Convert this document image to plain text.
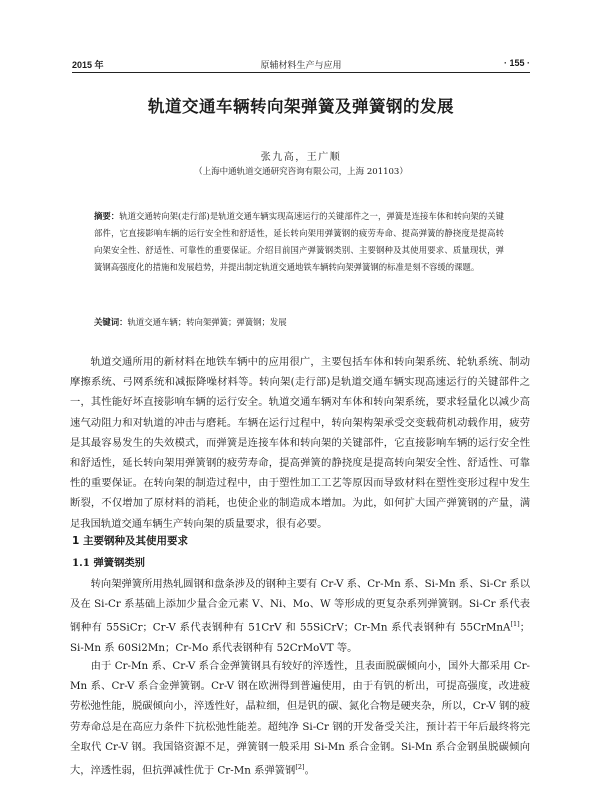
2015 年	原辅材料生产与应用	· 155 ·
轨道交通车辆转向架弹簧及弹簧钢的发展
张九高，王广顺
（上海中通轨道交通研究咨询有限公司，上海 201103）
摘要：轨道交通转向架(走行部)是轨道交通车辆实现高速运行的关键部件之一，弹簧是连接车体和转向架的关键部件，它直接影响车辆的运行安全性和舒适性，延长转向架用弹簧钢的疲劳寿命、提高弹簧的静挠度是提高转向架安全性、舒适性、可靠性的重要保证。介绍目前国产弹簧钢类别、主要钢种及其使用要求、质量现状，弹簧钢高强度化的措施和发展趋势，并提出制定轨道交通地铁车辆转向架弹簧钢的标准是刻不容缓的课题。
关键词：轨道交通车辆；转向架弹簧；弹簧钢；发展

轨道交通所用的新材料在地铁车辆中的应用很广，主要包括车体和转向架系统、轮轨系统、制动摩擦系统、弓网系统和减振降噪材料等。转向架(走行部)是轨道交通车辆实现高速运行的关键部件之一，其性能好坏直接影响车辆的运行安全。轨道交通车辆对车体和转向架系统，要求轻量化以减少高速气动阻力和对轨道的冲击与磨耗。车辆在运行过程中，转向架构架承受交变载荷机动载作用，疲劳是其最容易发生的失效模式，而弹簧是连接车体和转向架的关键部件，它直接影响车辆的运行安全性和舒适性，延长转向架用弹簧钢的疲劳寿命，提高弹簧的静挠度是提高转向架安全性、舒适性、可靠性的重要保证。在转向架的制造过程中，由于塑性加工工艺等原因而导致材料在塑性变形过程中发生断裂，不仅增加了原材料的消耗，也使企业的制造成本增加。为此，如何扩大国产弹簧钢的产量，满足我国轨道交通车辆生产转向架的质量要求，很有必要。

1 主要钢种及其使用要求
1.1 弹簧钢类别

转向架弹簧所用热轧圆钢和盘条涉及的钢种主要有 Cr-V 系、Cr-Mn 系、Si-Mn 系、Si-Cr 系以及在 Si-Cr 系基础上添加少量合金元素 V、Ni、Mo、W 等形成的更复杂系列弹簧钢。Si-Cr 系代表钢种有 55SiCr；Cr-V 系代表钢种有 51CrV 和 55SiCrV；Cr-Mn 系代表钢种有 55CrMnA[1]；Si-Mn 系 60Si2Mn；Cr-Mo 系代表钢种有 52CrMoVT 等。

由于 Cr-Mn 系、Cr-V 系合金弹簧钢具有较好的淬透性，且表面脱碳倾向小，国外大都采用 Cr-Mn 系、Cr-V 系合金弹簧钢。Cr-V 钢在欧洲得到普遍使用，由于有钒的析出，可提高强度，改进疲劳松弛性能，脱碳倾向小，淬透性好，晶粒细，但是钒的碳、氮化合物是硬夹杂，所以，Cr-V 钢的疲劳寿命总是在高应力条件下抗松弛性能差。超纯净 Si-Cr 钢的开发备受关注，预计若干年后最终将完全取代 Cr-V 钢。我国铬资源不足，弹簧钢一般采用 Si-Mn 系合金钢。Si-Mn 系合金钢虽脱碳倾向大，淬透性弱，但抗弹减性优于 Cr-Mn 系弹簧钢[2]。
